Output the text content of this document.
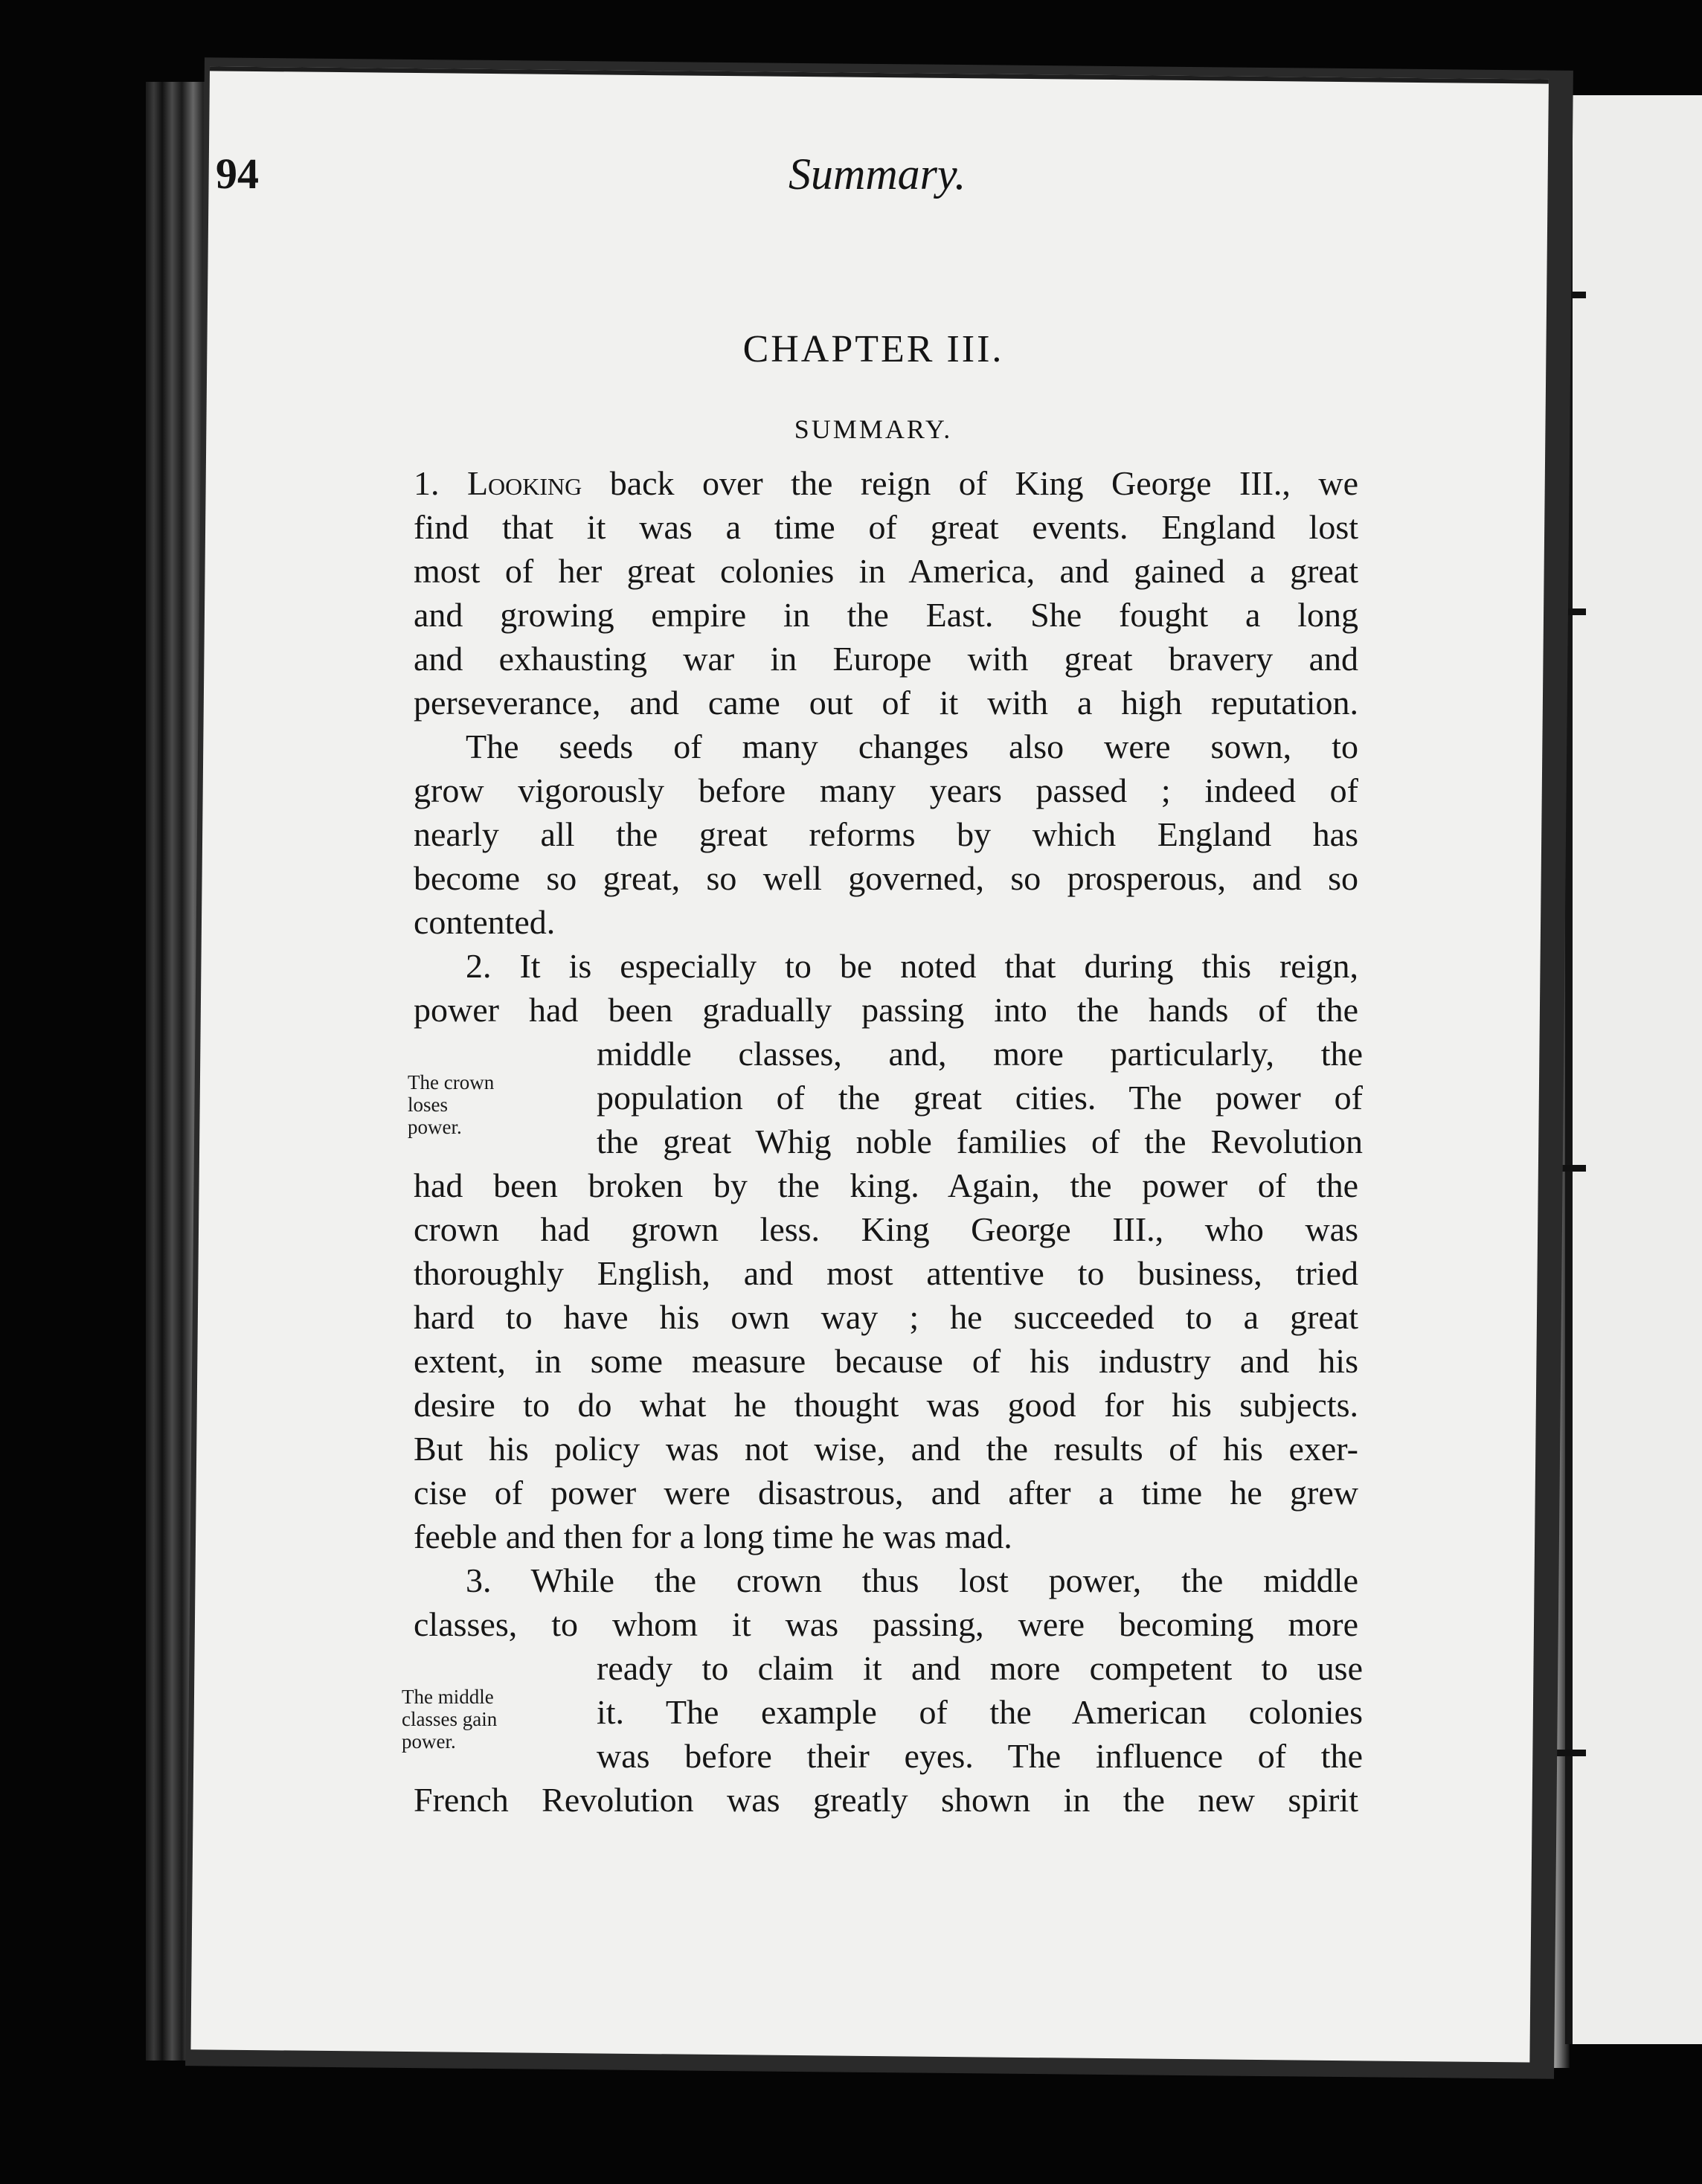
94	Summary.
CHAPTER III.
SUMMARY.
1. Looking back over the reign of King George III., we
find that it was a time of great events. England lost
most of her great colonies in America, and gained a great
and growing empire in the East. She fought a long
and exhausting war in Europe with great bravery and
perseverance, and came out of it with a high reputation.
The seeds of many changes also were sown, to
grow vigorously before many years passed ; indeed of
nearly all the great reforms by which England has
become so great, so well governed, so prosperous, and so
contented.
2. It is especially to be noted that during this reign,
power had been gradually passing into the hands of the
middle classes, and, more particularly, the
population of the great cities. The power of
the great Whig noble families of the Revolution
had been broken by the king. Again, the power of the
crown had grown less. King George III., who was
thoroughly English, and most attentive to business, tried
hard to have his own way ; he succeeded to a great
extent, in some measure because of his industry and his
desire to do what he thought was good for his subjects.
But his policy was not wise, and the results of his exer-
cise of power were disastrous, and after a time he grew
feeble and then for a long time he was mad.
3. While the crown thus lost power, the middle
classes, to whom it was passing, were becoming more
ready to claim it and more competent to use
it. The example of the American colonies
was before their eyes. The influence of the
French Revolution was greatly shown in the new spirit
The crown
loses
power.
The middle
classes gain
power.
